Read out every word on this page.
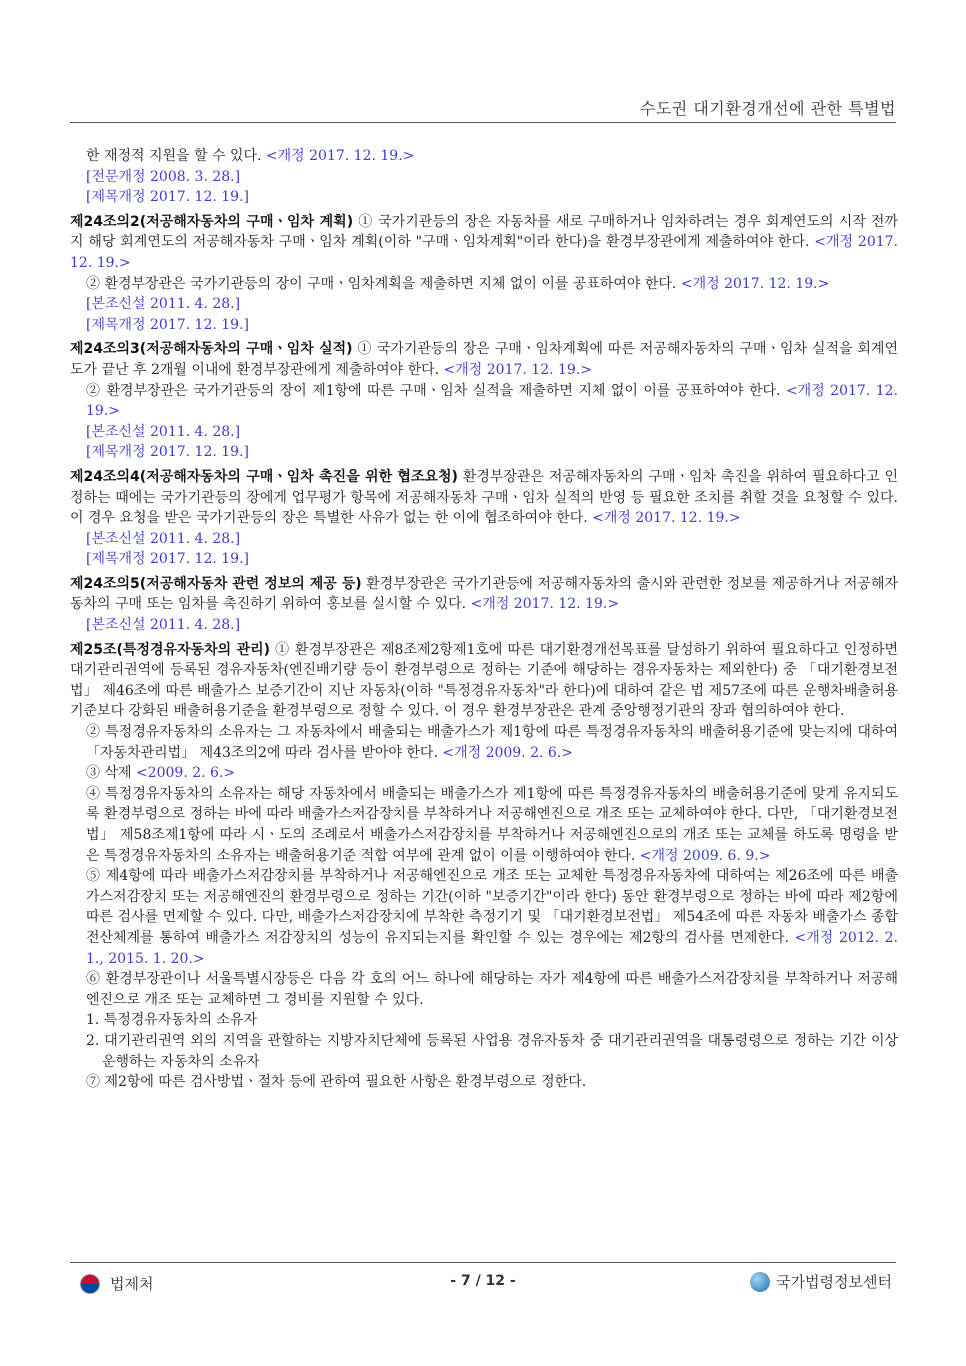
수도권 대기환경개선에 관한 특별법

한 재정적 지원을 할 수 있다. <개정 2017. 12. 19.>

[전문개정 2008. 3. 28.]

[제목개정 2017. 12. 19.]

제24조의2(저공해자동차의 구매ㆍ임차 계획) ① 국가기관등의 장은 자동차를 새로 구매하거나 임차하려는 경우 회계연도의 시작 전까지 해당 회계연도의 저공해자동차 구매ㆍ임차 계획(이하 "구매ㆍ임차계획"이라 한다)을 환경부장관에게 제출하여야 한다. <개정 2017. 12. 19.>

② 환경부장관은 국가기관등의 장이 구매ㆍ임차계획을 제출하면 지체 없이 이를 공표하여야 한다. <개정 2017. 12. 19.>

[본조신설 2011. 4. 28.]

[제목개정 2017. 12. 19.]

제24조의3(저공해자동차의 구매ㆍ임차 실적) ① 국가기관등의 장은 구매ㆍ임차계획에 따른 저공해자동차의 구매ㆍ임차 실적을 회계연도가 끝난 후 2개월 이내에 환경부장관에게 제출하여야 한다. <개정 2017. 12. 19.>

② 환경부장관은 국가기관등의 장이 제1항에 따른 구매ㆍ임차 실적을 제출하면 지체 없이 이를 공표하여야 한다. <개정 2017. 12. 19.>

[본조신설 2011. 4. 28.]

[제목개정 2017. 12. 19.]

제24조의4(저공해자동차의 구매ㆍ임차 촉진을 위한 협조요청) 환경부장관은 저공해자동차의 구매ㆍ임차 촉진을 위하여 필요하다고 인정하는 때에는 국가기관등의 장에게 업무평가 항목에 저공해자동차 구매ㆍ임차 실적의 반영 등 필요한 조치를 취할 것을 요청할 수 있다. 이 경우 요청을 받은 국가기관등의 장은 특별한 사유가 없는 한 이에 협조하여야 한다. <개정 2017. 12. 19.>

[본조신설 2011. 4. 28.]

[제목개정 2017. 12. 19.]

제24조의5(저공해자동차 관련 정보의 제공 등) 환경부장관은 국가기관등에 저공해자동차의 출시와 관련한 정보를 제공하거나 저공해자동차의 구매 또는 임차를 촉진하기 위하여 홍보를 실시할 수 있다. <개정 2017. 12. 19.>

[본조신설 2011. 4. 28.]

제25조(특정경유자동차의 관리) ① 환경부장관은 제8조제2항제1호에 따른 대기환경개선목표를 달성하기 위하여 필요하다고 인정하면 대기관리권역에 등록된 경유자동차(엔진배기량 등이 환경부령으로 정하는 기준에 해당하는 경유자동차는 제외한다) 중 「대기환경보전법」 제46조에 따른 배출가스 보증기간이 지난 자동차(이하 "특정경유자동차"라 한다)에 대하여 같은 법 제57조에 따른 운행차배출허용기준보다 강화된 배출허용기준을 환경부령으로 정할 수 있다. 이 경우 환경부장관은 관계 중앙행정기관의 장과 협의하여야 한다.

② 특정경유자동차의 소유자는 그 자동차에서 배출되는 배출가스가 제1항에 따른 특정경유자동차의 배출허용기준에 맞는지에 대하여 「자동차관리법」 제43조의2에 따라 검사를 받아야 한다. <개정 2009. 2. 6.>

③ 삭제 <2009. 2. 6.>

④ 특정경유자동차의 소유자는 해당 자동차에서 배출되는 배출가스가 제1항에 따른 특정경유자동차의 배출허용기준에 맞게 유지되도록 환경부령으로 정하는 바에 따라 배출가스저감장치를 부착하거나 저공해엔진으로 개조 또는 교체하여야 한다. 다만, 「대기환경보전법」 제58조제1항에 따라 시ㆍ도의 조례로서 배출가스저감장치를 부착하거나 저공해엔진으로의 개조 또는 교체를 하도록 명령을 받은 특정경유자동차의 소유자는 배출허용기준 적합 여부에 관계 없이 이를 이행하여야 한다. <개정 2009. 6. 9.>

⑤ 제4항에 따라 배출가스저감장치를 부착하거나 저공해엔진으로 개조 또는 교체한 특정경유자동차에 대하여는 제26조에 따른 배출가스저감장치 또는 저공해엔진의 환경부령으로 정하는 기간(이하 "보증기간"이라 한다) 동안 환경부령으로 정하는 바에 따라 제2항에 따른 검사를 면제할 수 있다. 다만, 배출가스저감장치에 부착한 측정기기 및 「대기환경보전법」 제54조에 따른 자동차 배출가스 종합전산체계를 통하여 배출가스 저감장치의 성능이 유지되는지를 확인할 수 있는 경우에는 제2항의 검사를 면제한다. <개정 2012. 2. 1., 2015. 1. 20.>

⑥ 환경부장관이나 서울특별시장등은 다음 각 호의 어느 하나에 해당하는 자가 제4항에 따른 배출가스저감장치를 부착하거나 저공해엔진으로 개조 또는 교체하면 그 경비를 지원할 수 있다.

1. 특정경유자동차의 소유자

2. 대기관리권역 외의 지역을 관할하는 지방자치단체에 등록된 사업용 경유자동차 중 대기관리권역을 대통령령으로 정하는 기간 이상 운행하는 자동차의 소유자

⑦ 제2항에 따른 검사방법ㆍ절차 등에 관하여 필요한 사항은 환경부령으로 정한다.

법제처	- 7 / 12 -	국가법령정보센터
